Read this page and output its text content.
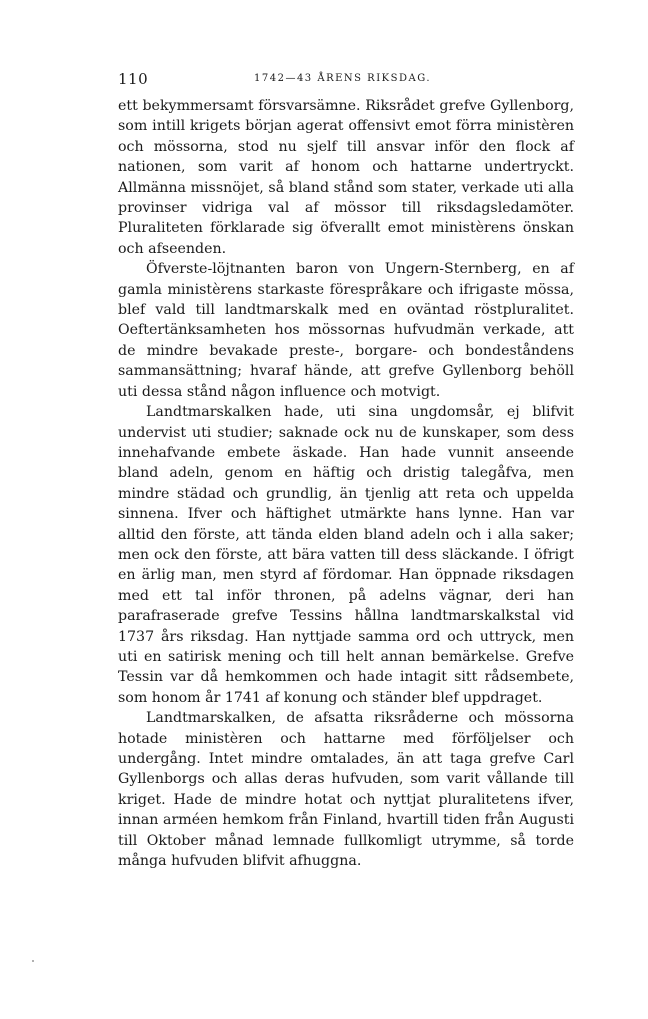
110	1742—43 ÅRENS RIKSDAG.

ett bekymmersamt försvarsämne. Riksrådet grefve Gyllenborg, som intill krigets början agerat offensivt emot förra ministèren och mössorna, stod nu sjelf till ansvar inför den flock af nationen, som varit af honom och hattarne undertryckt. Allmänna missnöjet, så bland stånd som stater, verkade uti alla provinser vidriga val af mössor till riksdagsledamöter. Pluraliteten förklarade sig öfverallt emot ministèrens önskan och afseenden.

Öfverste-löjtnanten baron von Ungern-Sternberg, en af gamla ministèrens starkaste förespråkare och ifrigaste mössa, blef vald till landtmarskalk med en oväntad röstpluralitet. Oeftertänksamheten hos mössornas hufvudmän verkade, att de mindre bevakade preste-, borgare- och bondeståndens sammansättning; hvaraf hände, att grefve Gyllenborg behöll uti dessa stånd någon influence och motvigt.

Landtmarskalken hade, uti sina ungdomsår, ej blifvit undervist uti studier; saknade ock nu de kunskaper, som dess innehafvande embete äskade. Han hade vunnit anseende bland adeln, genom en häftig och dristig talegåfva, men mindre städad och grundlig, än tjenlig att reta och uppelda sinnena. Ifver och häftighet utmärkte hans lynne. Han var alltid den förste, att tända elden bland adeln och i alla saker; men ock den förste, att bära vatten till dess släckande. I öfrigt en ärlig man, men styrd af fördomar. Han öppnade riksdagen med ett tal inför thronen, på adelns vägnar, deri han parafraserade grefve Tessins hållna landtmarskalkstal vid 1737 års riksdag. Han nyttjade samma ord och uttryck, men uti en satirisk mening och till helt annan bemärkelse. Grefve Tessin var då hemkommen och hade intagit sitt rådsembete, som honom år 1741 af konung och ständer blef uppdraget.

Landtmarskalken, de afsatta riksråderne och mössorna hotade ministèren och hattarne med förföljelser och undergång. Intet mindre omtalades, än att taga grefve Carl Gyllenborgs och allas deras hufvuden, som varit vållande till kriget. Hade de mindre hotat och nyttjat pluralitetens ifver, innan arméen hemkom från Finland, hvartill tiden från Augusti till Oktober månad lemnade fullkomligt utrymme, så torde många hufvuden blifvit afhuggna.
